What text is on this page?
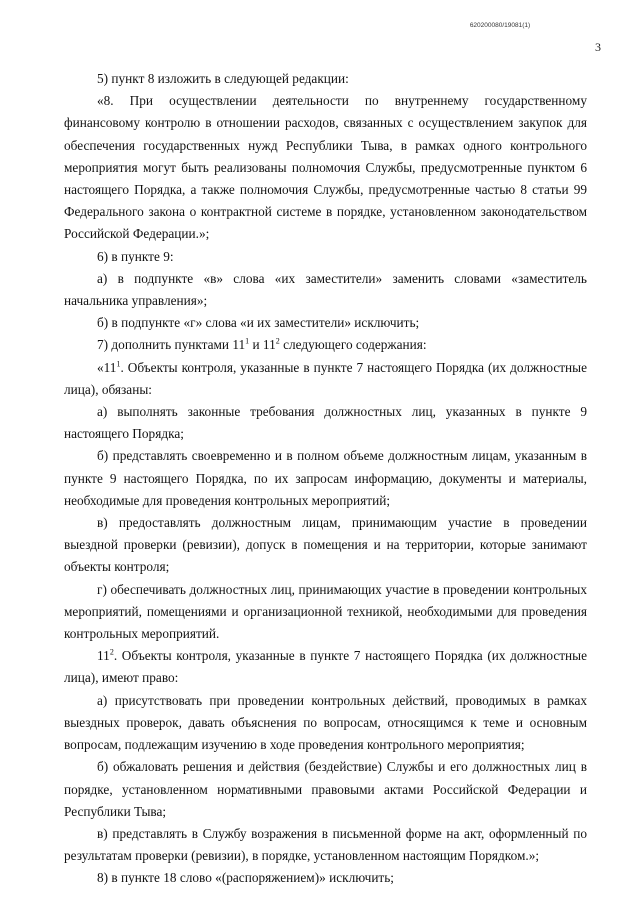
620200080/19081(1)
3

5) пункт 8 изложить в следующей редакции:

«8. При осуществлении деятельности по внутреннему государственному финансовому контролю в отношении расходов, связанных с осуществлением закупок для обеспечения государственных нужд Республики Тыва, в рамках одного контрольного мероприятия могут быть реализованы полномочия Службы, предусмотренные пунктом 6 настоящего Порядка, а также полномочия Службы, предусмотренные частью 8 статьи 99 Федерального закона о контрактной системе в порядке, установленном законодательством Российской Федерации.»;

6) в пункте 9:

а) в подпункте «в» слова «их заместители» заменить словами «заместитель начальника управления»;

б) в подпункте «г» слова «и их заместители» исключить;

7) дополнить пунктами $11^1$ и $11^2$ следующего содержания:

«$11^1$. Объекты контроля, указанные в пункте 7 настоящего Порядка (их должностные лица), обязаны:

а) выполнять законные требования должностных лиц, указанных в пункте 9 настоящего Порядка;

б) представлять своевременно и в полном объеме должностным лицам, указанным в пункте 9 настоящего Порядка, по их запросам информацию, документы и материалы, необходимые для проведения контрольных мероприятий;

в) предоставлять должностным лицам, принимающим участие в проведении выездной проверки (ревизии), допуск в помещения и на территории, которые занимают объекты контроля;

г) обеспечивать должностных лиц, принимающих участие в проведении контрольных мероприятий, помещениями и организационной техникой, необходимыми для проведения контрольных мероприятий.

$11^2$. Объекты контроля, указанные в пункте 7 настоящего Порядка (их должностные лица), имеют право:

а) присутствовать при проведении контрольных действий, проводимых в рамках выездных проверок, давать объяснения по вопросам, относящимся к теме и основным вопросам, подлежащим изучению в ходе проведения контрольного мероприятия;

б) обжаловать решения и действия (бездействие) Службы и его должностных лиц в порядке, установленном нормативными правовыми актами Российской Федерации и Республики Тыва;

в) представлять в Службу возражения в письменной форме на акт, оформленный по результатам проверки (ревизии), в порядке, установленном настоящим Порядком.»;

8) в пункте 18 слово «(распоряжением)» исключить;
